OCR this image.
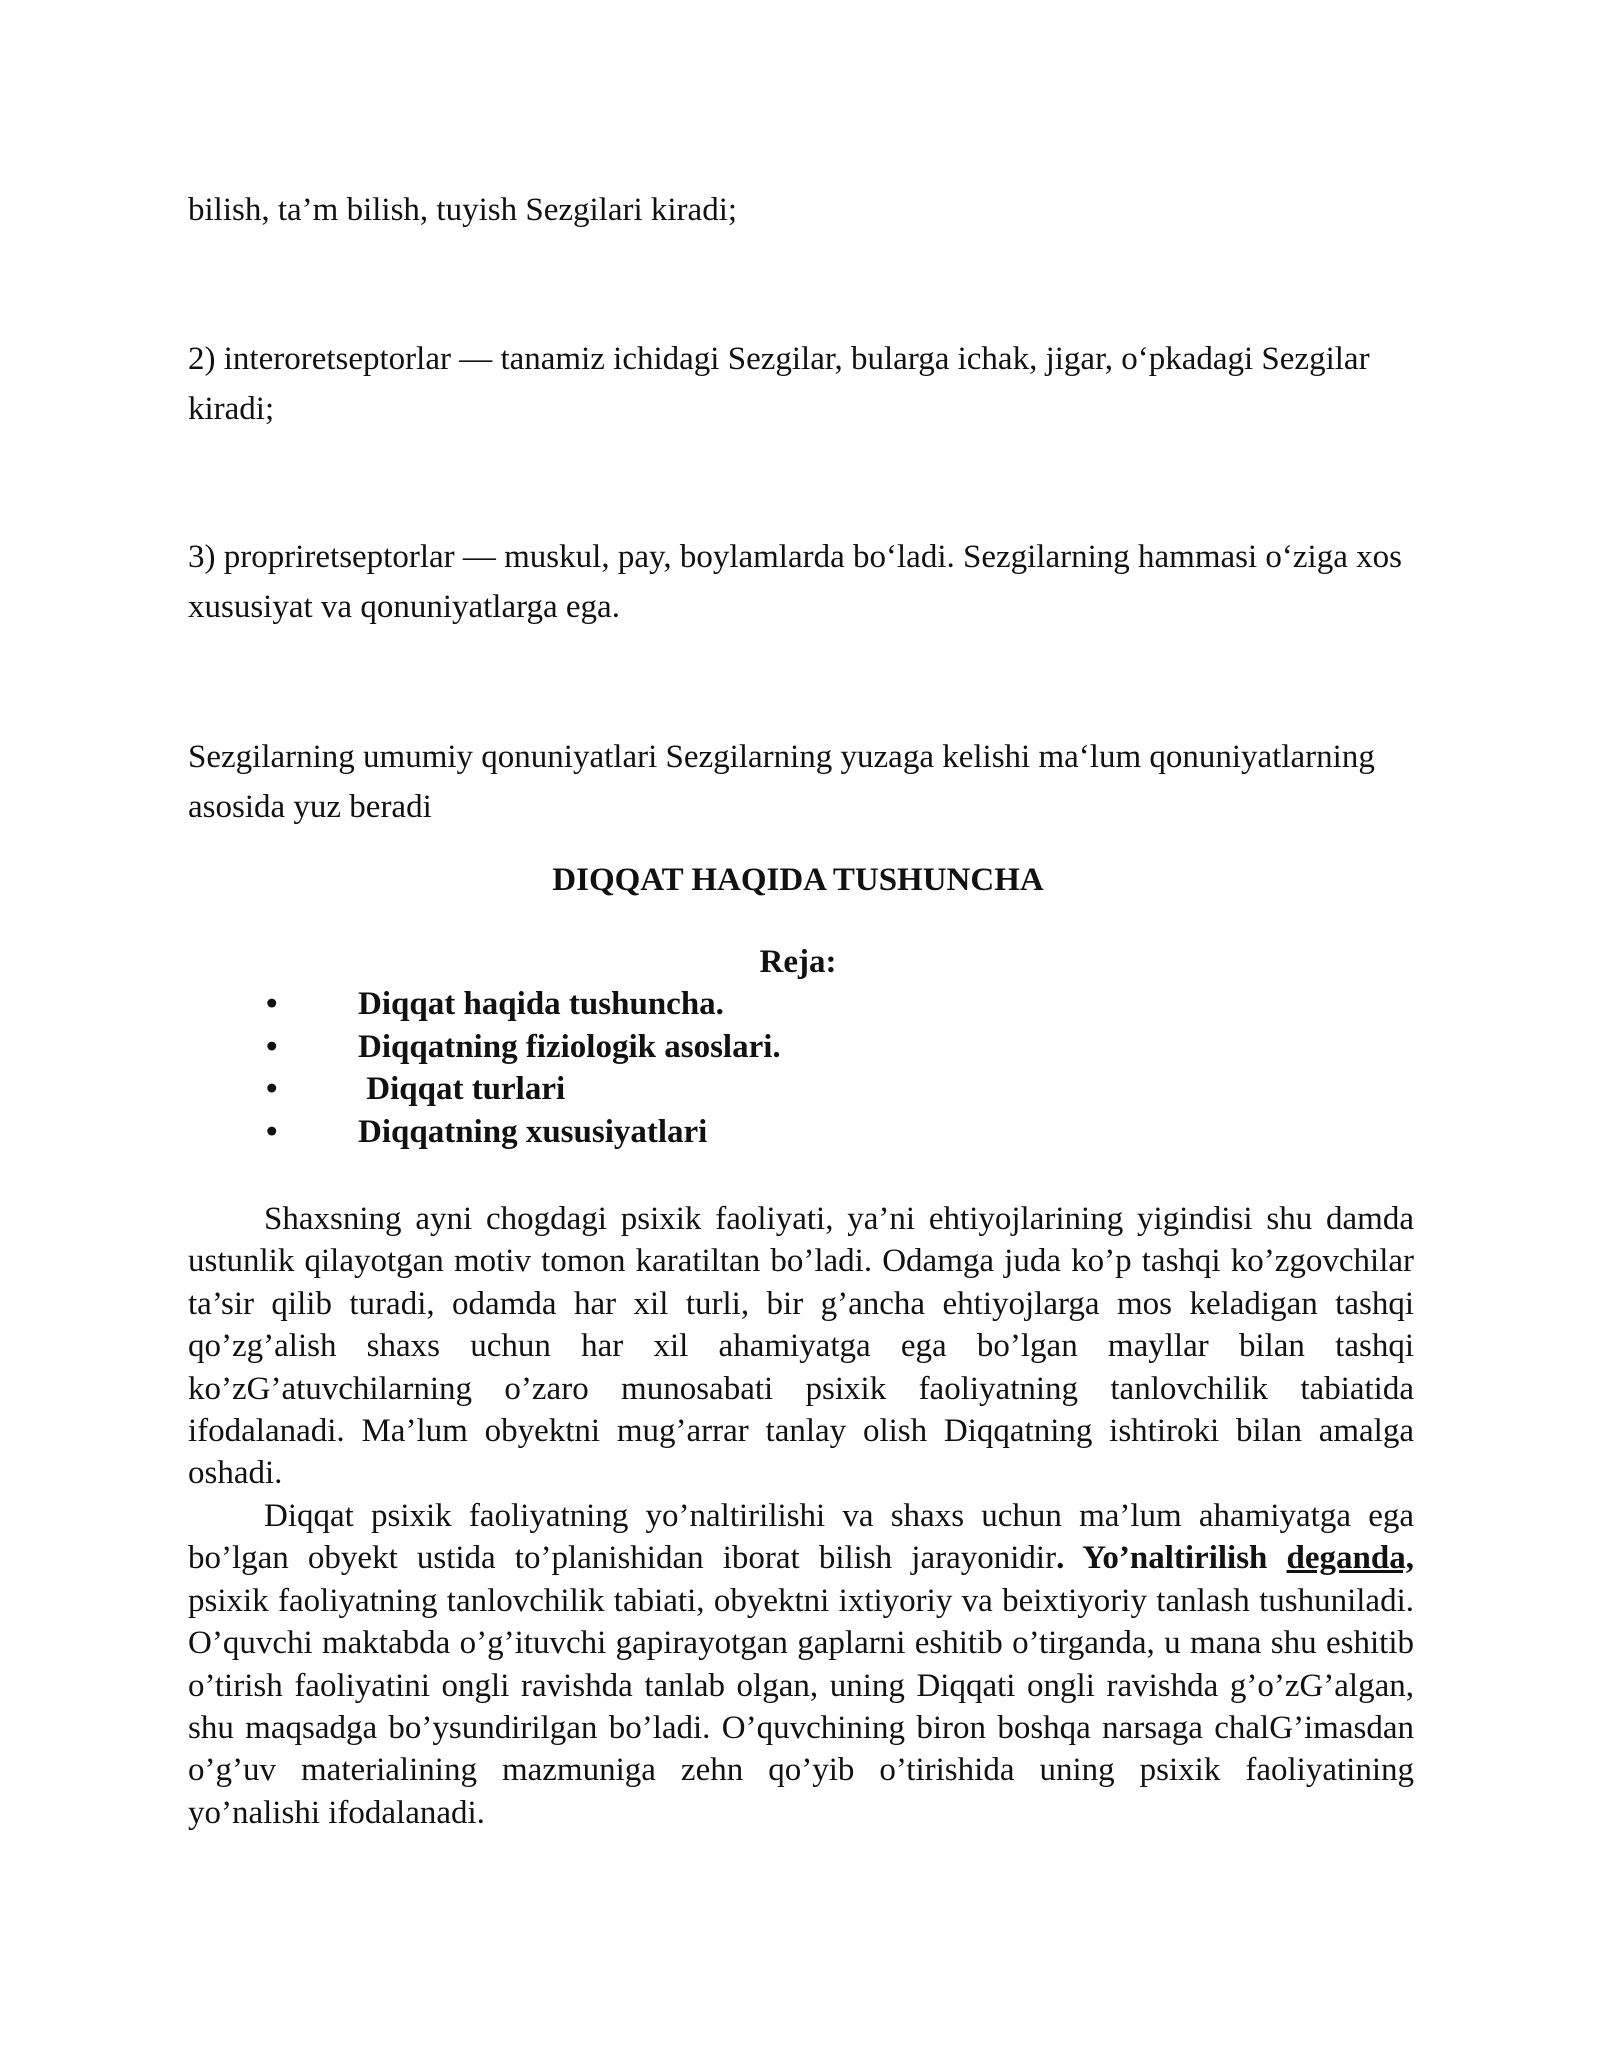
bilish, ta’m bilish, tuyish Sezgilari kiradi;

2) interoretseptorlar — tanamiz ichidagi Sezgilar, bularga ichak, jigar, o‘pkadagi Sezgilar kiradi;

3) propriretseptorlar — muskul, pay, boylamlarda bo‘ladi. Sezgilarning hammasi o‘ziga xos xususiyat va qonuniyatlarga ega.

Sezgilarning umumiy qonuniyatlari Sezgilarning yuzaga kelishi ma‘lum qonuniyatlarning asosida yuz beradi

DIQQAT HAQIDA TUSHUNCHA
Reja:
• Diqqat haqida tushuncha.
• Diqqatning fiziologik asoslari.
• Diqqat turlari
• Diqqatning xususiyatlari

Shaxsning ayni chogdagi psixik faoliyati, ya’ni ehtiyojlarining yigindisi shu damda ustunlik qilayotgan motiv tomon karatiltan bo’ladi. Odamga juda ko’p tashqi ko’zgovchilar ta’sir qilib turadi, odamda har xil turli, bir g’ancha ehtiyojlarga mos keladigan tashqi qo’zg’alish shaxs uchun har xil ahamiyatga ega bo’lgan mayllar bilan tashqi ko’zG’atuvchilarning o’zaro munosabati psixik faoliyatning tanlovchilik tabiatida ifodalanadi. Ma’lum obyektni mug’arrar tanlay olish Diqqatning ishtiroki bilan amalga oshadi.

Diqqat psixik faoliyatning yo’naltirilishi va shaxs uchun ma’lum ahamiyatga ega bo’lgan obyekt ustida to’planishidan iborat bilish jarayonidir. Yo’naltirilish deganda, psixik faoliyatning tanlovchilik tabiati, obyektni ixtiyoriy va beixtiyoriy tanlash tushuniladi. O’quvchi maktabda o’g’ituvchi gapirayotgan gaplarni eshitib o’tirganda, u mana shu eshitib o’tirish faoliyatini ongli ravishda tanlab olgan, uning Diqqati ongli ravishda g’o’zG’algan, shu maqsadga bo’ysundirilgan bo’ladi. O’quvchining biron boshqa narsaga chalG’imasdan o’g’uv materialining mazmuniga zehn qo’yib o’tirishida uning psixik faoliyatining yo’nalishi ifodalanadi.
